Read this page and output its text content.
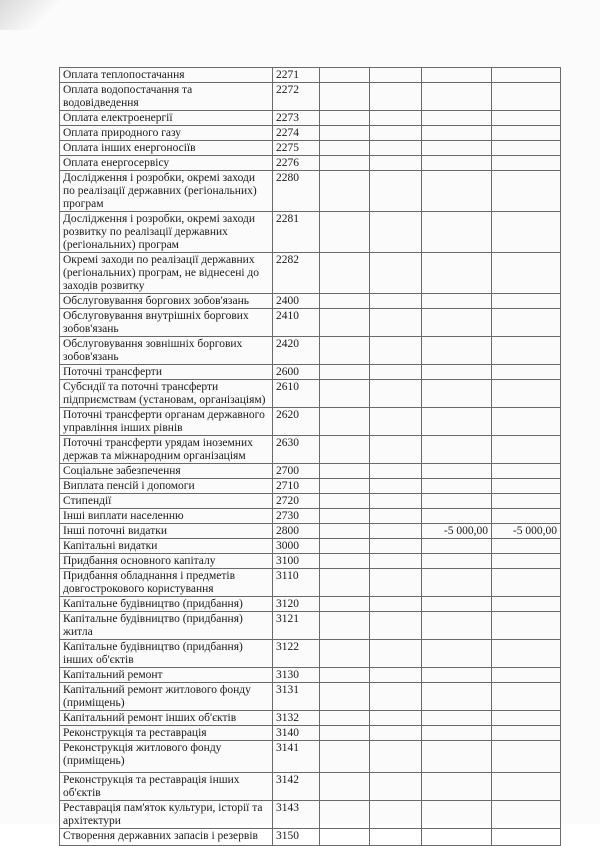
Оплата теплопостачання	2271				
Оплата водопостачання та водовідведення	2272				
Оплата електроенергії	2273				
Оплата природного газу	2274				
Оплата інших енергоносіїв	2275				
Оплата енергосервісу	2276				
Дослідження і розробки, окремі заходи по реалізації державних (регіональних) програм	2280				
Дослідження і розробки, окремі заходи розвитку по реалізації державних (регіональних) програм	2281				
Окремі заходи по реалізації державних (регіональних) програм, не віднесені до заходів розвитку	2282				
Обслуговування боргових зобов'язань	2400				
Обслуговування внутрішніх боргових зобов'язань	2410				
Обслуговування зовнішніх боргових зобов'язань	2420				
Поточні трансферти	2600				
Субсидії та поточні трансферти підприємствам (установам, організаціям)	2610				
Поточні трансферти органам державного управління інших рівнів	2620				
Поточні трансферти урядам іноземних держав та міжнародним організаціям	2630				
Соціальне забезпечення	2700				
Виплата пенсій і допомоги	2710				
Стипендії	2720				
Інші виплати населенню	2730				
Інші поточні видатки	2800			-5 000,00	-5 000,00
Капітальні видатки	3000				
Придбання основного капіталу	3100				
Придбання обладнання і предметів довгострокового користування	3110				
Капітальне будівництво (придбання)	3120				
Капітальне будівництво (придбання) житла	3121				
Капітальне будівництво (придбання) інших об'єктів	3122				
Капітальний ремонт	3130				
Капітальний ремонт житлового фонду (приміщень)	3131				
Капітальний ремонт інших об'єктів	3132				
Реконструкція та реставрація	3140				
Реконструкція житлового фонду (приміщень)	3141				
Реконструкція та реставрація інших об'єктів	3142				
Реставрація пам'яток культури, історії та архітектури	3143				
Створення державних запасів і резервів	3150				
